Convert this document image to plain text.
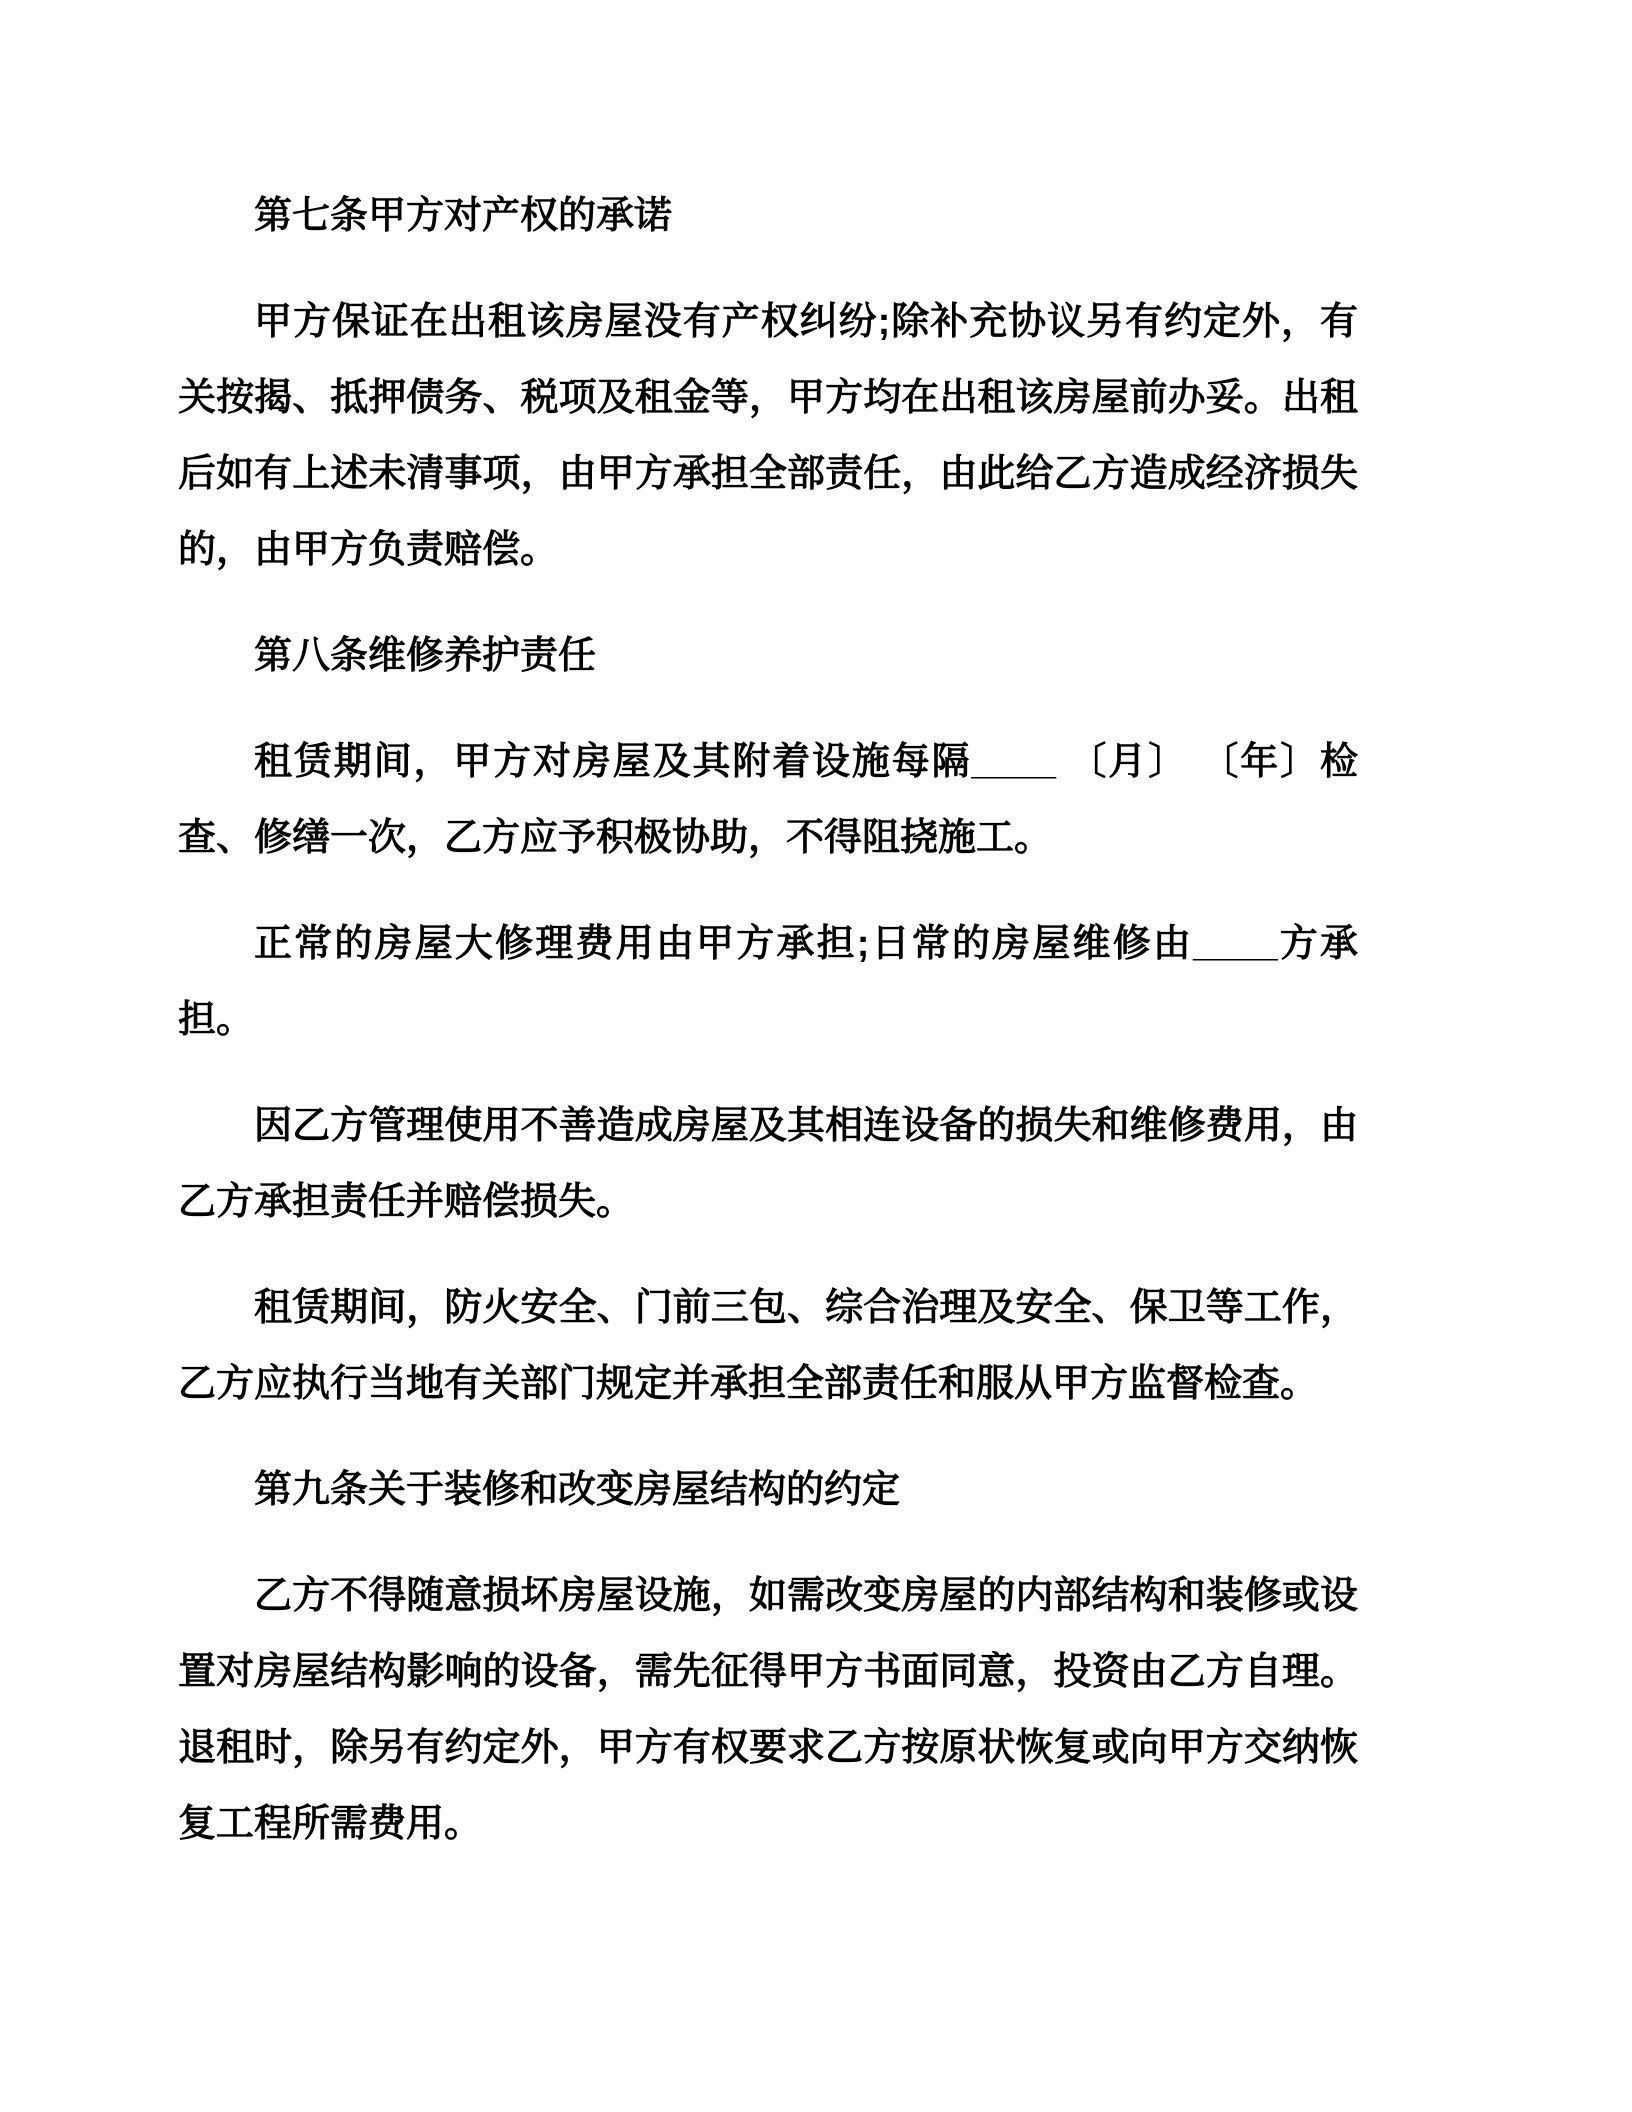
第七条甲方对产权的承诺

甲方保证在出租该房屋没有产权纠纷;除补充协议另有约定外，有关按揭、抵押债务、税项及租金等，甲方均在出租该房屋前办妥。出租后如有上述未清事项，由甲方承担全部责任，由此给乙方造成经济损失的，由甲方负责赔偿。

第八条维修养护责任

租赁期间，甲方对房屋及其附着设施每隔____ 〔月〕 〔年〕检查、修缮一次，乙方应予积极协助，不得阻挠施工。

正常的房屋大修理费用由甲方承担;日常的房屋维修由____方承担。

因乙方管理使用不善造成房屋及其相连设备的损失和维修费用，由乙方承担责任并赔偿损失。

租赁期间，防火安全、门前三包、综合治理及安全、保卫等工作，乙方应执行当地有关部门规定并承担全部责任和服从甲方监督检查。

第九条关于装修和改变房屋结构的约定

乙方不得随意损坏房屋设施，如需改变房屋的内部结构和装修或设置对房屋结构影响的设备，需先征得甲方书面同意，投资由乙方自理。退租时，除另有约定外，甲方有权要求乙方按原状恢复或向甲方交纳恢复工程所需费用。
